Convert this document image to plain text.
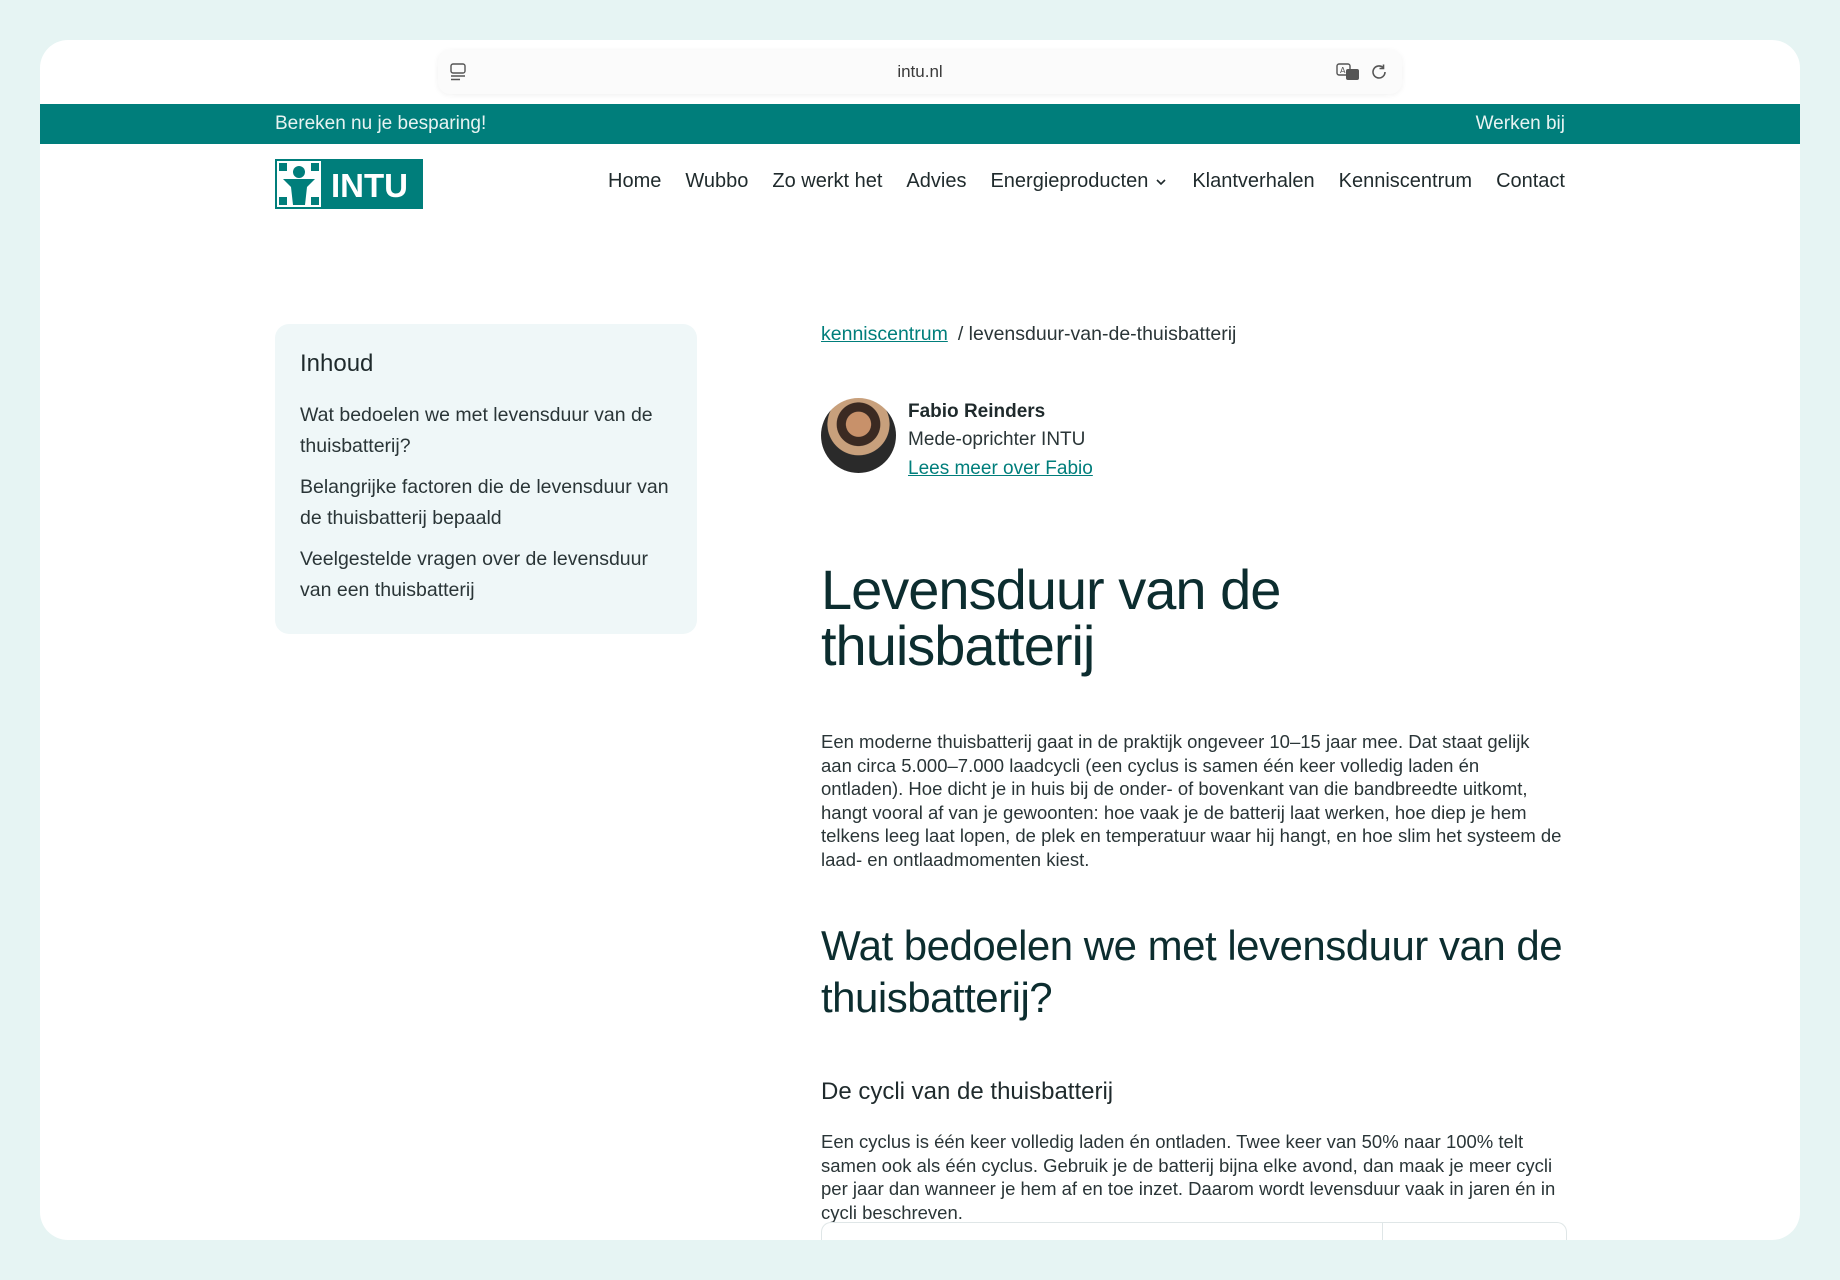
intu.nl	A
Bereken nu je besparing!	Werken bij
INTU	Home Wubbo Zo werkt het Advies Energieproducten Klantverhalen Kenniscentrum Contact
Inhoud
Wat bedoelen we met levensduur van de thuisbatterij?
Belangrijke factoren die de levensduur van de thuisbatterij bepaald
Veelgestelde vragen over de levensduur van een thuisbatterij
kenniscentrum / levensduur-van-de-thuisbatterij
Fabio Reinders
Mede-oprichter INTU
Lees meer over Fabio
Levensduur van de thuisbatterij

Een moderne thuisbatterij gaat in de praktijk ongeveer 10–15 jaar mee. Dat staat gelijk aan circa 5.000–7.000 laadcycli (een cyclus is samen één keer volledig laden én ontladen). Hoe dicht je in huis bij de onder- of bovenkant van die bandbreedte uitkomt, hangt vooral af van je gewoonten: hoe vaak je de batterij laat werken, hoe diep je hem telkens leeg laat lopen, de plek en temperatuur waar hij hangt, en hoe slim het systeem de laad- en ontlaadmomenten kiest.

Wat bedoelen we met levensduur van de thuisbatterij?
De cycli van de thuisbatterij

Een cyclus is één keer volledig laden én ontladen. Twee keer van 50% naar 100% telt samen ook als één cyclus. Gebruik je de batterij bijna elke avond, dan maak je meer cycli per jaar dan wanneer je hem af en toe inzet. Daarom wordt levensduur vaak in jaren én in cycli beschreven.
